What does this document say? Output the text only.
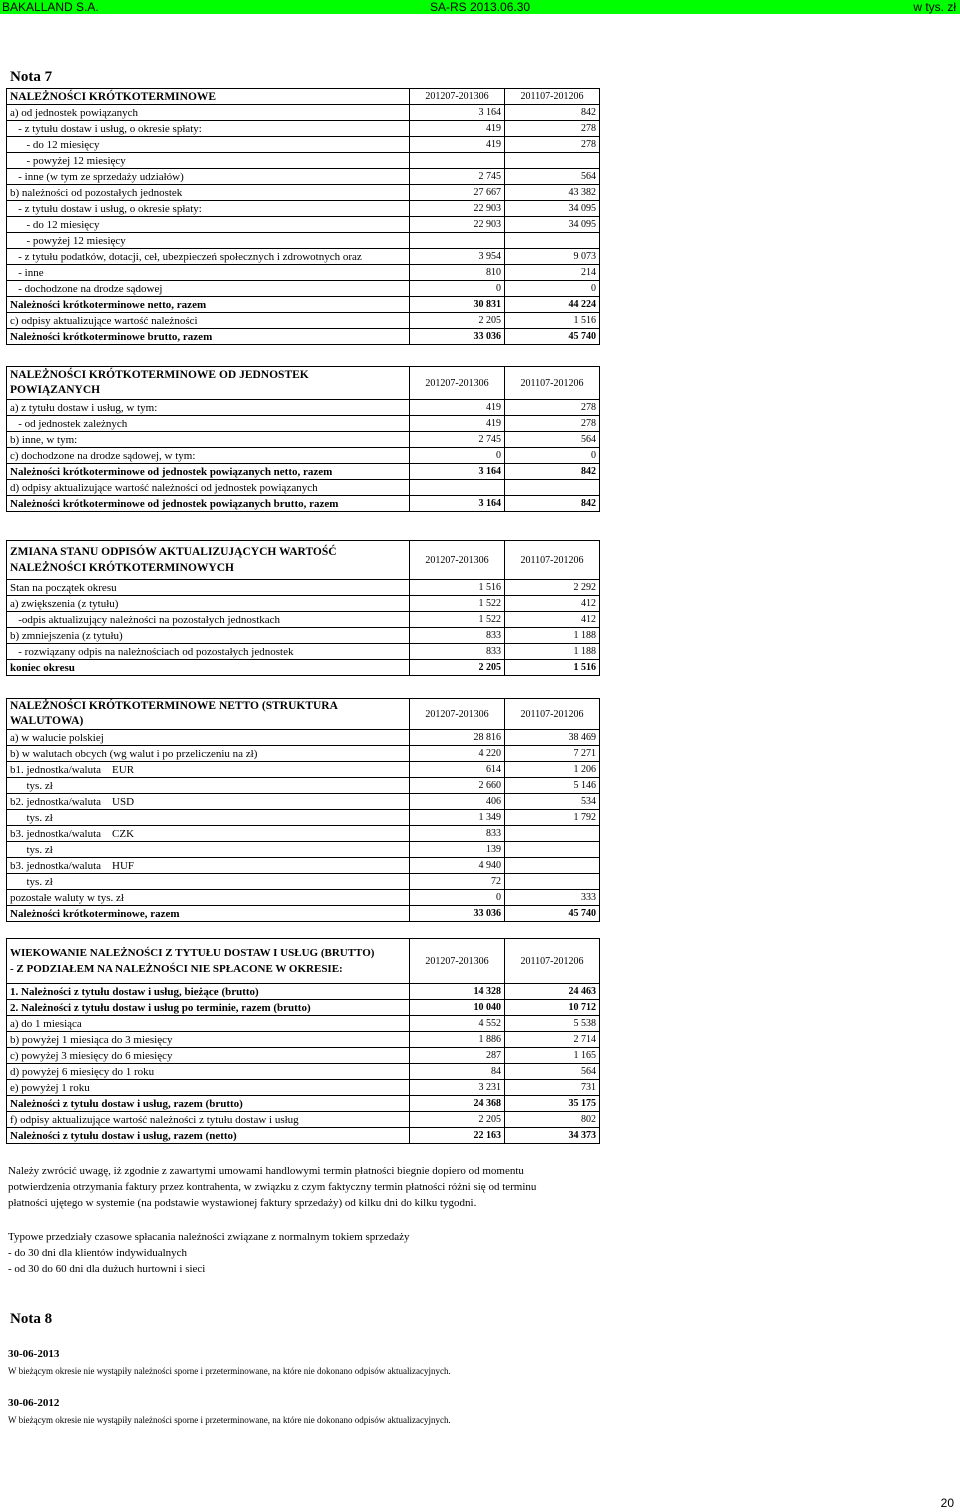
BAKALLAND S.A.	SA-RS 2013.06.30	w tys. zł
Nota 7
NALEŻNOŚCI KRÓTKOTERMINOWE	201207-201306	201107-201206
a) od jednostek powiązanych	3 164	842
- z tytułu dostaw i usług, o okresie spłaty:	419	278
- do 12 miesięcy	419	278
- powyżej 12 miesięcy		
- inne (w tym ze sprzedaży udziałów)	2 745	564
b) należności od pozostałych jednostek	27 667	43 382
- z tytułu dostaw i usług, o okresie spłaty:	22 903	34 095
- do 12 miesięcy	22 903	34 095
- powyżej 12 miesięcy		
- z tytułu podatków, dotacji, ceł, ubezpieczeń społecznych i zdrowotnych oraz	3 954	9 073
- inne	810	214
- dochodzone na drodze sądowej	0	0
Należności krótkoterminowe netto, razem	30 831	44 224
c) odpisy aktualizujące wartość należności	2 205	1 516
Należności krótkoterminowe brutto, razem	33 036	45 740
NALEŻNOŚCI KRÓTKOTERMINOWE OD JEDNOSTEK
POWIĄZANYCH	201207-201306	201107-201206
a) z tytułu dostaw i usług, w tym:	419	278
- od jednostek zależnych	419	278
b) inne, w tym:	2 745	564
c) dochodzone na drodze sądowej, w tym:	0	0
Należności krótkoterminowe od jednostek powiązanych netto, razem	3 164	842
d) odpisy aktualizujące wartość należności od jednostek powiązanych		
Należności krótkoterminowe od jednostek powiązanych brutto, razem	3 164	842
ZMIANA STANU ODPISÓW AKTUALIZUJĄCYCH WARTOŚĆ
NALEŻNOŚCI KRÓTKOTERMINOWYCH	201207-201306	201107-201206
Stan na początek okresu	1 516	2 292
a) zwiększenia (z tytułu)	1 522	412
-odpis aktualizujący należności na pozostałych jednostkach	1 522	412
b) zmniejszenia (z tytułu)	833	1 188
- rozwiązany odpis na należnościach od pozostałych jednostek	833	1 188
koniec okresu	2 205	1 516
NALEŻNOŚCI KRÓTKOTERMINOWE NETTO (STRUKTURA
WALUTOWA)	201207-201306	201107-201206
a) w walucie polskiej	28 816	38 469
b) w walutach obcych (wg walut i po przeliczeniu na zł)	4 220	7 271
b1. jednostka/waluta    EUR	614	1 206
tys. zł	2 660	5 146
b2. jednostka/waluta    USD	406	534
tys. zł	1 349	1 792
b3. jednostka/waluta    CZK	833	
tys. zł	139	
b3. jednostka/waluta    HUF	4 940	
tys. zł	72	
pozostałe waluty w tys. zł	0	333
Należności krótkoterminowe, razem	33 036	45 740
WIEKOWANIE NALEŻNOŚCI Z TYTUŁU DOSTAW I USŁUG (BRUTTO)
- Z PODZIAŁEM NA NALEŻNOŚCI NIE SPŁACONE W OKRESIE:	201207-201306	201107-201206
1. Należności z tytułu dostaw i usług, bieżące (brutto)	14 328	24 463
2. Należności z tytułu dostaw i usług po terminie, razem (brutto)	10 040	10 712
a) do 1 miesiąca	4 552	5 538
b) powyżej 1 miesiąca do 3 miesięcy	1 886	2 714
c) powyżej 3 miesięcy do 6 miesięcy	287	1 165
d) powyżej 6 miesięcy do 1 roku	84	564
e) powyżej 1 roku	3 231	731
Należności z tytułu dostaw i usług, razem (brutto)	24 368	35 175
f) odpisy aktualizujące wartość należności z tytułu dostaw i usług	2 205	802
Należności z tytułu dostaw i usług, razem (netto)	22 163	34 373
Należy zwrócić uwagę, iż zgodnie z zawartymi umowami handlowymi termin płatności biegnie dopiero od momentu
potwierdzenia otrzymania faktury przez kontrahenta, w związku z czym faktyczny termin płatności różni się od terminu
płatności ujętego w systemie (na podstawie wystawionej faktury sprzedaży) od kilku dni do kilku tygodni.
Typowe przedziały czasowe spłacania naleźności związane z normalnym tokiem sprzedaży
- do 30 dni dla klientów indywidualnych
- od 30 do 60 dni dla dużuch hurtowni i sieci
Nota 8
30-06-2013
W bieżącym okresie nie wystąpiły należności sporne i przeterminowane, na które nie dokonano odpisów aktualizacyjnych.
30-06-2012
W bieżącym okresie nie wystąpiły należności sporne i przeterminowane, na które nie dokonano odpisów aktualizacyjnych.
20
